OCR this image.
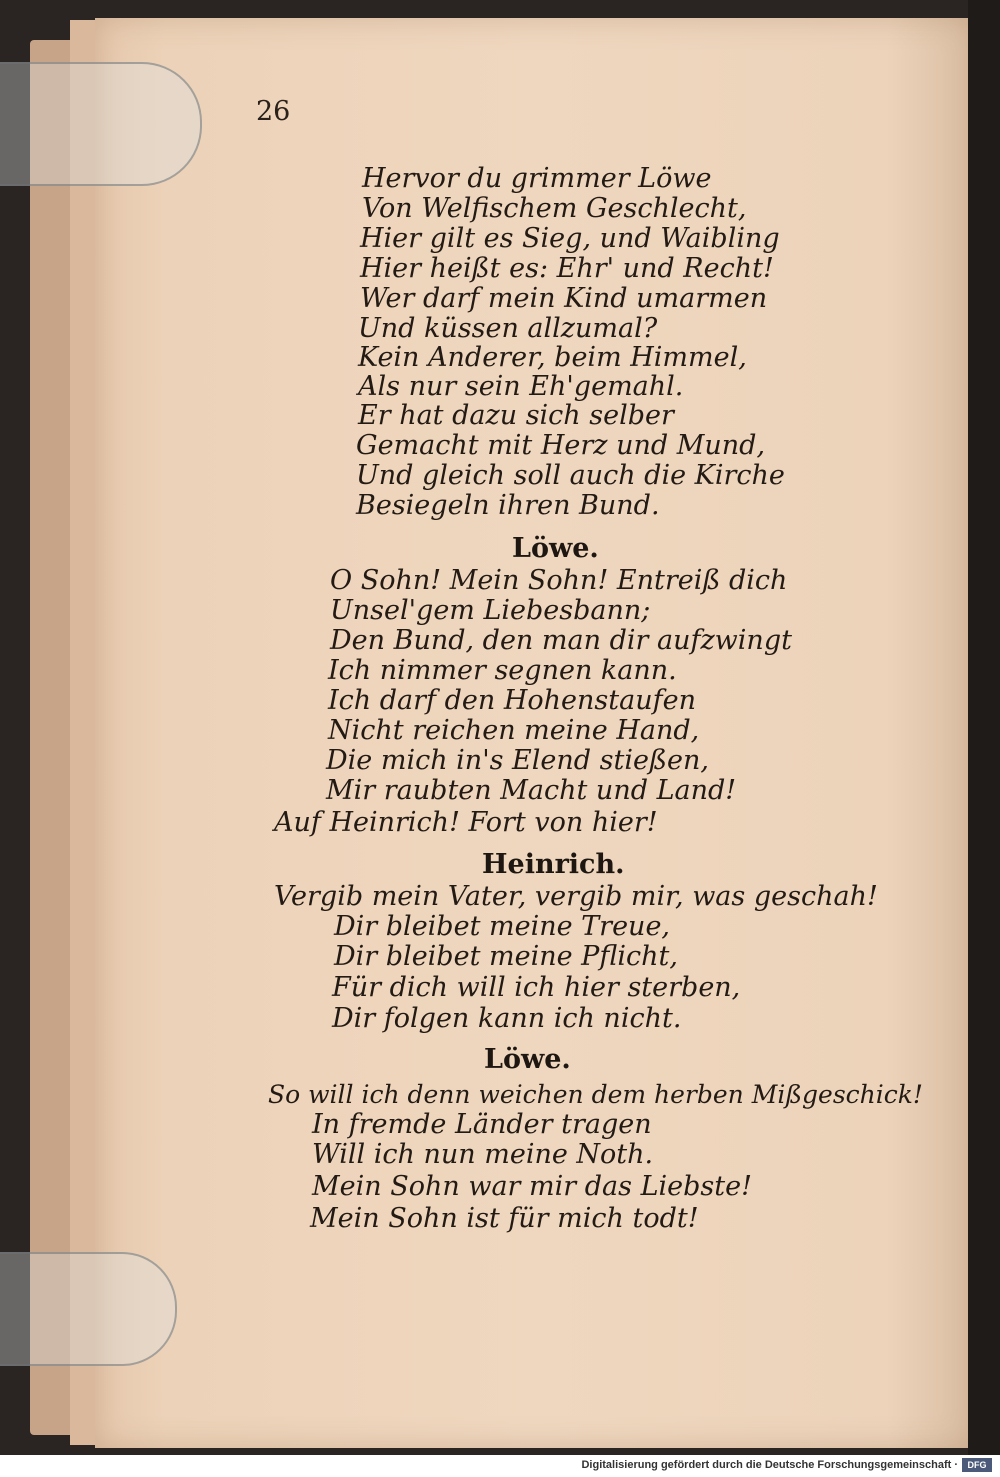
26
Hervor du grimmer Löwe
Von Welfischem Geschlecht,
Hier gilt es Sieg, und Waibling
Hier heißt es: Ehr' und Recht!
Wer darf mein Kind umarmen
Und küssen allzumal?
Kein Anderer, beim Himmel,
Als nur sein Eh'gemahl.
Er hat dazu sich selber
Gemacht mit Herz und Mund,
Und gleich soll auch die Kirche
Besiegeln ihren Bund.
Löwe.
O Sohn! Mein Sohn! Entreiß dich
Unsel'gem Liebesbann;
Den Bund, den man dir aufzwingt
Ich nimmer segnen kann.
Ich darf den Hohenstaufen
Nicht reichen meine Hand,
Die mich in's Elend stießen,
Mir raubten Macht und Land!
Auf Heinrich! Fort von hier!
Heinrich.
Vergib mein Vater, vergib mir, was geschah!
Dir bleibet meine Treue,
Dir bleibet meine Pflicht,
Für dich will ich hier sterben,
Dir folgen kann ich nicht.
Löwe.
So will ich denn weichen dem herben Mißgeschick!
In fremde Länder tragen
Will ich nun meine Noth.
Mein Sohn war mir das Liebste!
Mein Sohn ist für mich todt!
Digitalisierung gefördert durch die Deutsche Forschungsgemeinschaft ·	DFG
